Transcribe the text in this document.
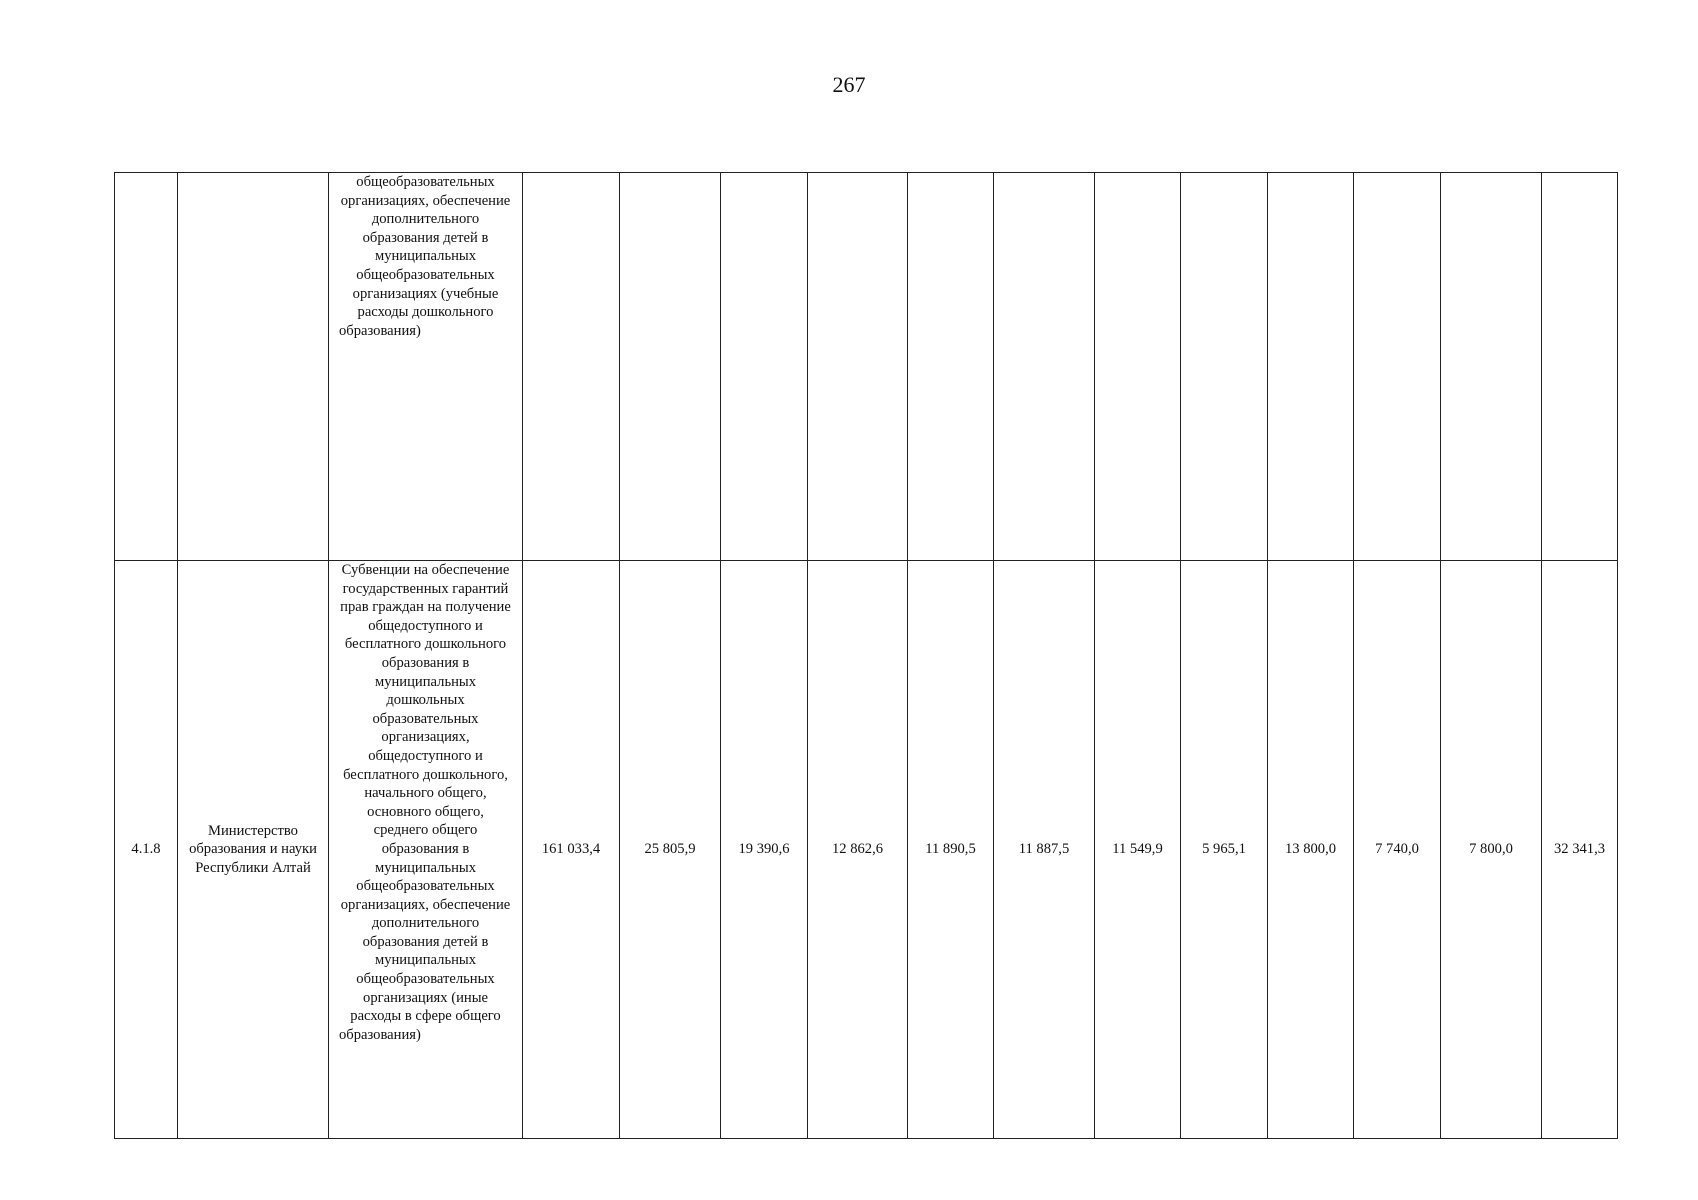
267

		общеобразовательных организациях, обеспечение дополнительного образования детей в муниципальных общеобразовательных организациях (учебные расходы дошкольного образования)												

4.1.8	Министерство образования и науки Республики Алтай	Субвенции на обеспечение государственных гарантий прав граждан на получение общедоступного и бесплатного дошкольного образования в муниципальных дошкольных образовательных организациях, общедоступного и бесплатного дошкольного, начального общего, основного общего, среднего общего образования в муниципальных общеобразовательных организациях, обеспечение дополнительного образования детей в муниципальных общеобразовательных организациях (иные расходы в сфере общего образования)	161 033,4	25 805,9	19 390,6	12 862,6	11 890,5	11 887,5	11 549,9	5 965,1	13 800,0	7 740,0	7 800,0	32 341,3
